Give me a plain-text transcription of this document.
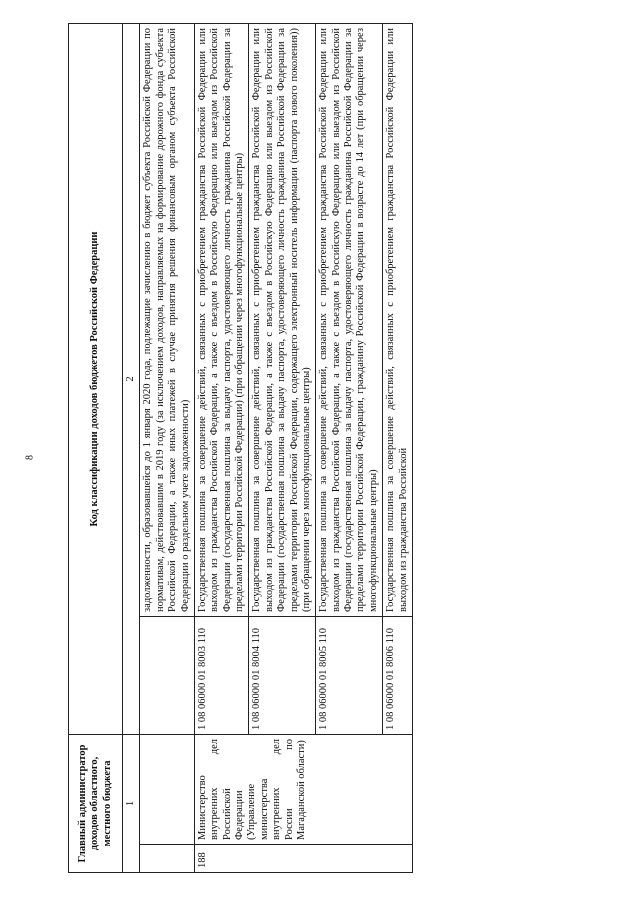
8
Главный администратор доходов областного, местного бюджета		Код классификации доходов бюджетов Российской Федерации	
1		2	
			задолженности, образовавшейся до 1 января 2020 года, подлежащие зачислению в бюджет субъекта Российской Федерации по нормативам, действовавшим в 2019 году (за исключением доходов, направляемых на формирование дорожного фонда субъекта Российской Федерации, а также иных платежей в случае принятия решения финансовым органом субъекта Российской Федерации о раздельном учете задолженности)
188	Министерство внутренних дел Российской Федерации (Управление министерства внутренних дел России по Магаданской области)	1 08 06000 01 8003 110	Государственная пошлина за совершение действий, связанных с приобретением гражданства Российской Федерации или выходом из гражданства Российской Федерации, а также с въездом в Российскую Федерацию или выездом из Российской Федерации (государственная пошлина за выдачу паспорта, удостоверяющего личность гражданина Российской Федерации за пределами территории Российской Федерации) (при обращении через многофункциональные центры)
		1 08 06000 01 8004 110	Государственная пошлина за совершение действий, связанных с приобретением гражданства Российской Федерации или выходом из гражданства Российской Федерации, а также с въездом в Российскую Федерацию или выездом из Российской Федерации (государственная пошлина за выдачу паспорта, удостоверяющего личность гражданина Российской Федерации за пределами территории Российской Федерации, содержащего электронный носитель информации (паспорта нового поколения)) (при обращении через многофункциональные центры)
		1 08 06000 01 8005 110	Государственная пошлина за совершение действий, связанных с приобретением гражданства Российской Федерации или выходом из гражданства Российской Федерации, а также с въездом в Российскую Федерацию или выездом из Российской Федерации (государственная пошлина за выдачу паспорта, удостоверяющего личность гражданина Российской Федерации за пределами территории Российской Федерации, гражданину Российской Федерации в возрасте до 14 лет (при обращении через многофункциональные центры)
		1 08 06000 01 8006 110	Государственная пошлина за совершение действий, связанных с приобретением гражданства Российской Федерации или выходом из гражданства Российской
